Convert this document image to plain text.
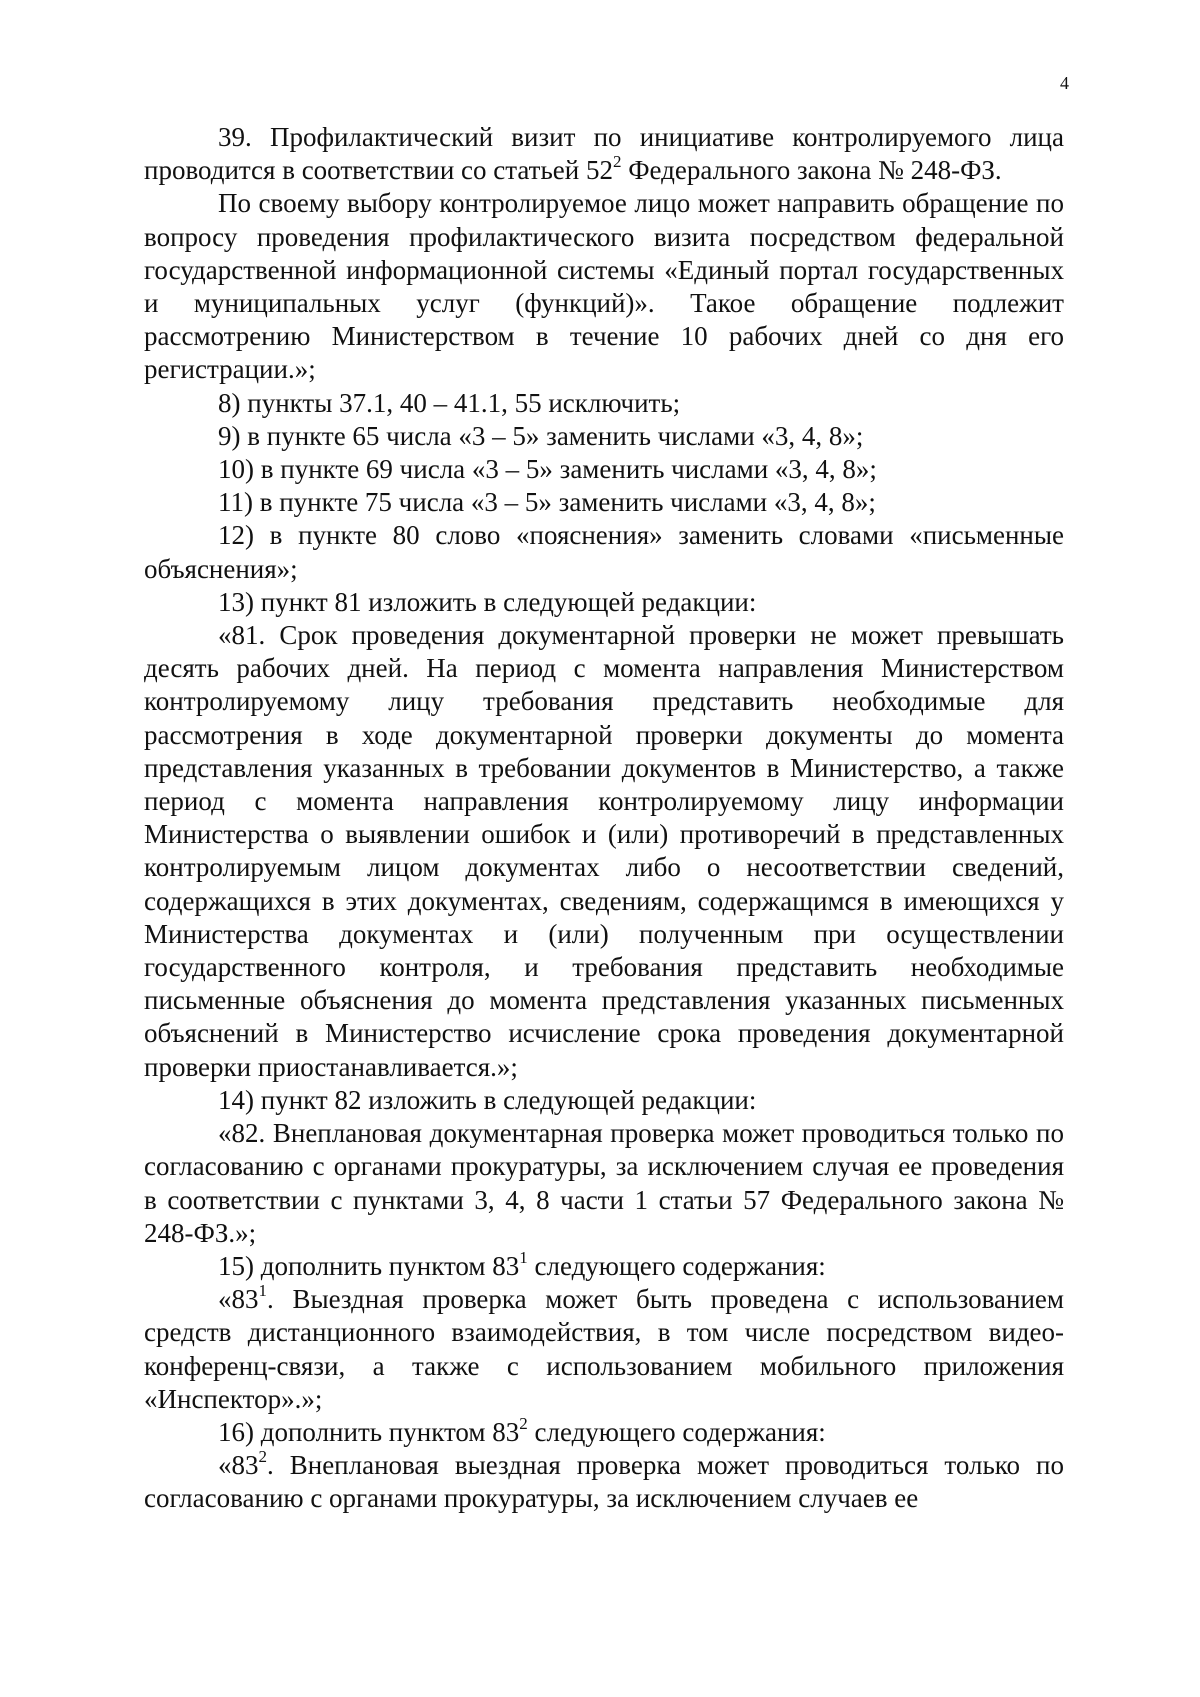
4

39. Профилактический визит по инициативе контролируемого лица проводится в соответствии со статьей $52^2$ Федерального закона № 248-ФЗ.

По своему выбору контролируемое лицо может направить обращение по вопросу проведения профилактического визита посредством федеральной государственной информационной системы «Единый портал государственных и муниципальных услуг (функций)». Такое обращение подлежит рассмотрению Министерством в течение 10 рабочих дней со дня его регистрации.»;

8) пункты 37.1, 40 – 41.1, 55 исключить;

9) в пункте 65 числа «3 – 5» заменить числами «3, 4, 8»;

10) в пункте 69 числа «3 – 5» заменить числами «3, 4, 8»;

11) в пункте 75 числа «3 – 5» заменить числами «3, 4, 8»;

12) в пункте 80 слово «пояснения» заменить словами «письменные объяснения»;

13) пункт 81 изложить в следующей редакции:

«81. Срок проведения документарной проверки не может превышать десять рабочих дней. На период с момента направления Министерством контролируемому лицу требования представить необходимые для рассмотрения в ходе документарной проверки документы до момента представления указанных в требовании документов в Министерство, а также период с момента направления контролируемому лицу информации Министерства о выявлении ошибок и (или) противоречий в представленных контролируемым лицом документах либо о несоответствии сведений, содержащихся в этих документах, сведениям, содержащимся в имеющихся у Министерства документах и (или) полученным при осуществлении государственного контроля, и требования представить необходимые письменные объяснения до момента представления указанных письменных объяснений в Министерство исчисление срока проведения документарной проверки приостанавливается.»;

14) пункт 82 изложить в следующей редакции:

«82. Внеплановая документарная проверка может проводиться только по согласованию с органами прокуратуры, за исключением случая ее проведения в соответствии с пунктами 3, 4, 8 части 1 статьи 57 Федерального закона № 248-ФЗ.»;

15) дополнить пунктом $83^1$ следующего содержания:

«$83^1$. Выездная проверка может быть проведена с использованием средств дистанционного взаимодействия, в том числе посредством видео-конференц-связи, а также с использованием мобильного приложения «Инспектор».»;

16) дополнить пунктом $83^2$ следующего содержания:

«$83^2$. Внеплановая выездная проверка может проводиться только по согласованию с органами прокуратуры, за исключением случаев ее
